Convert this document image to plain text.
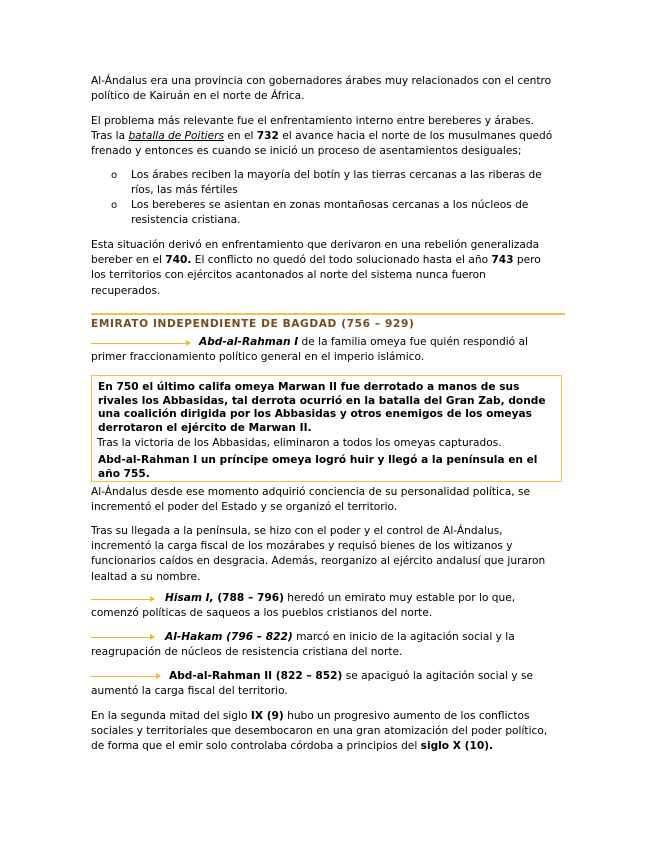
Al-Ándalus era una provincia con gobernadores árabes muy relacionados con el centro político de Kairuán en el norte de África.

El problema más relevante fue el enfrentamiento interno entre bereberes y árabes.
Tras la batalla de Poitiers en el 732 el avance hacia el norte de los musulmanes quedó
frenado y entonces es cuando se inició un proceso de asentamientos desiguales;

o Los árabes reciben la mayoría del botín y las tierras cercanas a las riberas de
ríos, las más fértiles

o Los bereberes se asientan en zonas montañosas cercanas a los núcleos de
resistencia cristiana.

Esta situación derivó en enfrentamiento que derivaron en una rebelión generalizada
bereber en el 740. El conflicto no quedó del todo solucionado hasta el año 743 pero
los territorios con ejércitos acantonados al norte del sistema nunca fueron
recuperados.

EMIRATO INDEPENDIENTE DE BAGDAD (756 – 929)

Abd-al-Rahman I de la familia omeya fue quién respondió al

primer fraccionamiento político general en el imperio islámico.

En 750 el último califa omeya Marwan II fue derrotado a manos de sus

rivales los Abbasidas, tal derrota ocurrió en la batalla del Gran Zab, donde

una coalición dirigida por los Abbasidas y otros enemigos de los omeyas

derrotaron el ejército de Marwan II.

Tras la victoria de los Abbasidas, eliminaron a todos los omeyas capturados.

Abd-al-Rahman I un príncipe omeya logró huir y llegó a la península en el

año 755.

Al-Ándalus desde ese momento adquirió conciencia de su personalidad política, se
incrementó el poder del Estado y se organizó el territorio.

Tras su llegada a la península, se hizo con el poder y el control de Al-Ándalus,
incrementó la carga fiscal de los mozárabes y requisó bienes de los witizanos y
funcionarios caídos en desgracia. Además, reorganizo al ejército andalusí que juraron
lealtad a su nombre.

Hisam I, (788 – 796) heredó un emirato muy estable por lo que,

comenzó políticas de saqueos a los pueblos cristianos del norte.

Al-Hakam (796 – 822) marcó en inicio de la agitación social y la

reagrupación de núcleos de resistencia cristiana del norte.

Abd-al-Rahman II (822 – 852) se apaciguó la agitación social y se

aumentó la carga fiscal del territorio.

En la segunda mitad del siglo IX (9) hubo un progresivo aumento de los conflictos
sociales y territoriales que desembocaron en una gran atomización del poder político,
de forma que el emir solo controlaba córdoba a principios del siglo X (10).
